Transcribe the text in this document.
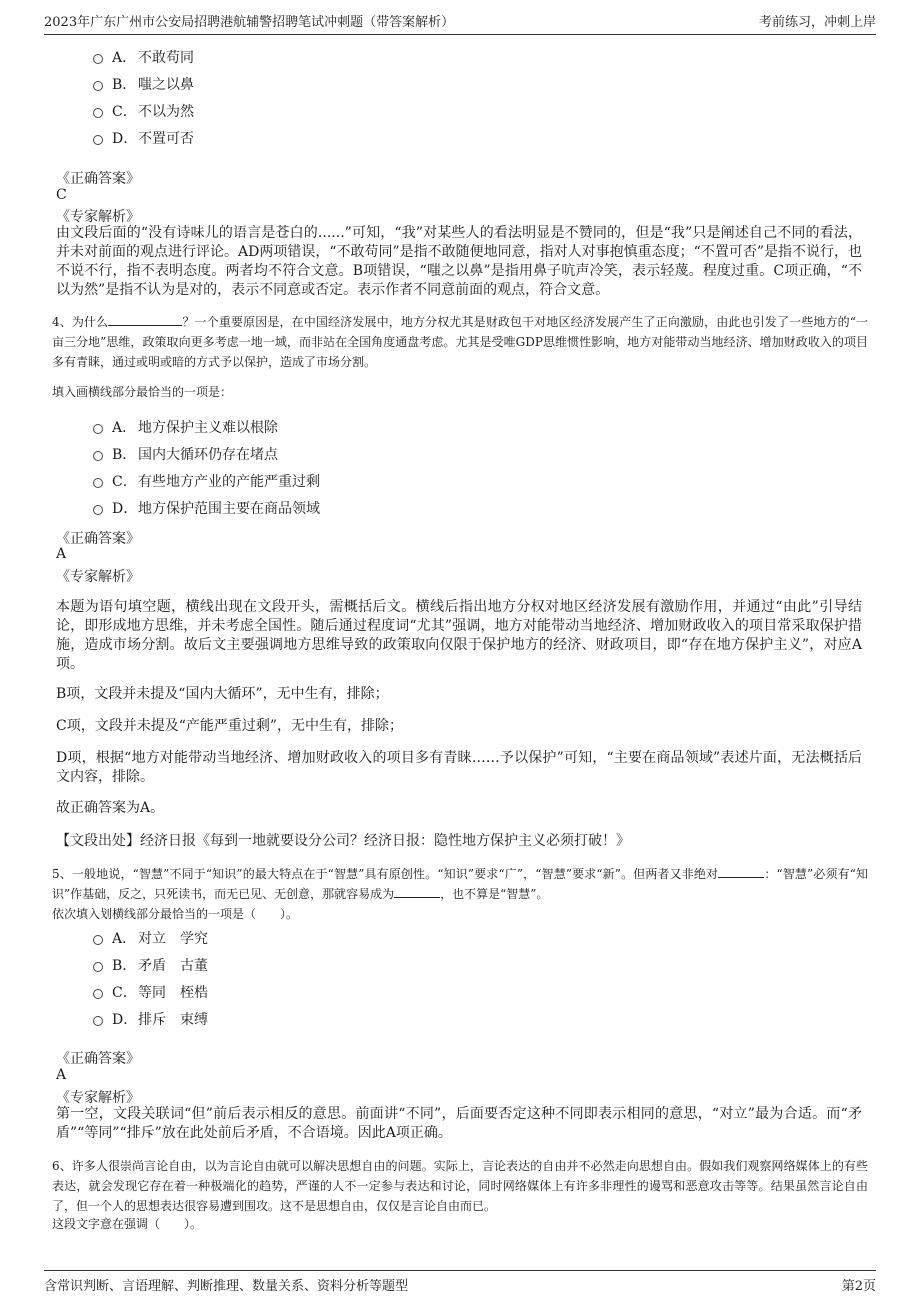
2023年广东广州市公安局招聘港航辅警招聘笔试冲刺题（带答案解析）	考前练习，冲刺上岸
A． 不敢苟同
B． 嗤之以鼻
C． 不以为然
D． 不置可否
《正确答案》
C
《专家解析》
由文段后面的“没有诗味儿的语言是苍白的......”可知，“我”对某些人的看法明显是不赞同的，但是“我”只是阐述自己不同的看法，并未对前面的观点进行评论。AD两项错误，“不敢苟同”是指不敢随便地同意，指对人对事抱慎重态度；“不置可否”是指不说行，也不说不行，指不表明态度。两者均不符合文意。B项错误，“嗤之以鼻”是指用鼻子吭声冷笑，表示轻蔑。程度过重。C项正确，“不以为然”是指不认为是对的，表示不同意或否定。表示作者不同意前面的观点，符合文意。
4、为什么	？一个重要原因是，在中国经济发展中，地方分权尤其是财政包干对地区经济发展产生了正向激励，由此也引发了一些地方的“一亩三分地”思维，政策取向更多考虑一地一域，而非站在全国角度通盘考虑。尤其是受唯GDP思维惯性影响，地方对能带动当地经济、增加财政收入的项目多有青睐，通过或明或暗的方式予以保护，造成了市场分割。
填入画横线部分最恰当的一项是：
A． 地方保护主义难以根除
B． 国内大循环仍存在堵点
C． 有些地方产业的产能严重过剩
D． 地方保护范围主要在商品领域
《正确答案》
A
《专家解析》
本题为语句填空题，横线出现在文段开头，需概括后文。横线后指出地方分权对地区经济发展有激励作用，并通过“由此”引导结论，即形成地方思维，并未考虑全国性。随后通过程度词“尤其”强调，地方对能带动当地经济、增加财政收入的项目常采取保护措施，造成市场分割。故后文主要强调地方思维导致的政策取向仅限于保护地方的经济、财政项目，即“存在地方保护主义”，对应A项。
B项，文段并未提及“国内大循环”，无中生有，排除；
C项，文段并未提及“产能严重过剩”，无中生有，排除；
D项，根据“地方对能带动当地经济、增加财政收入的项目多有青睐……予以保护”可知，“主要在商品领域”表述片面，无法概括后文内容，排除。
故正确答案为A。
【文段出处】经济日报《每到一地就要设分公司？经济日报：隐性地方保护主义必须打破！》
5、一般地说，“智慧”不同于“知识”的最大特点在于“智慧”具有原创性。“知识”要求“广”，“智慧”要求“新”。但两者又非绝对	：“智慧”必须有“知识”作基础，反之，只死读书，而无已见、无创意，那就容易成为	，也不算是“智慧”。
依次填入划横线部分最恰当的一项是（　　）。
A． 对立　学究
B． 矛盾　古董
C． 等同　桎梏
D． 排斥　束缚
《正确答案》
A
《专家解析》
第一空，文段关联词“但”前后表示相反的意思。前面讲“不同”，后面要否定这种不同即表示相同的意思，“对立”最为合适。而“矛盾”“等同”“排斥”放在此处前后矛盾，不合语境。因此A项正确。
6、许多人很崇尚言论自由，以为言论自由就可以解决思想自由的问题。实际上，言论表达的自由并不必然走向思想自由。假如我们观察网络媒体上的有些表达，就会发现它存在着一种极端化的趋势，严谨的人不一定参与表达和讨论，同时网络媒体上有许多非理性的谩骂和恶意攻击等等。结果虽然言论自由了，但一个人的思想表达很容易遭到围攻。这不是思想自由，仅仅是言论自由而已。
这段文字意在强调（　　）。
含常识判断、言语理解、判断推理、数量关系、资料分析等题型	第2页
